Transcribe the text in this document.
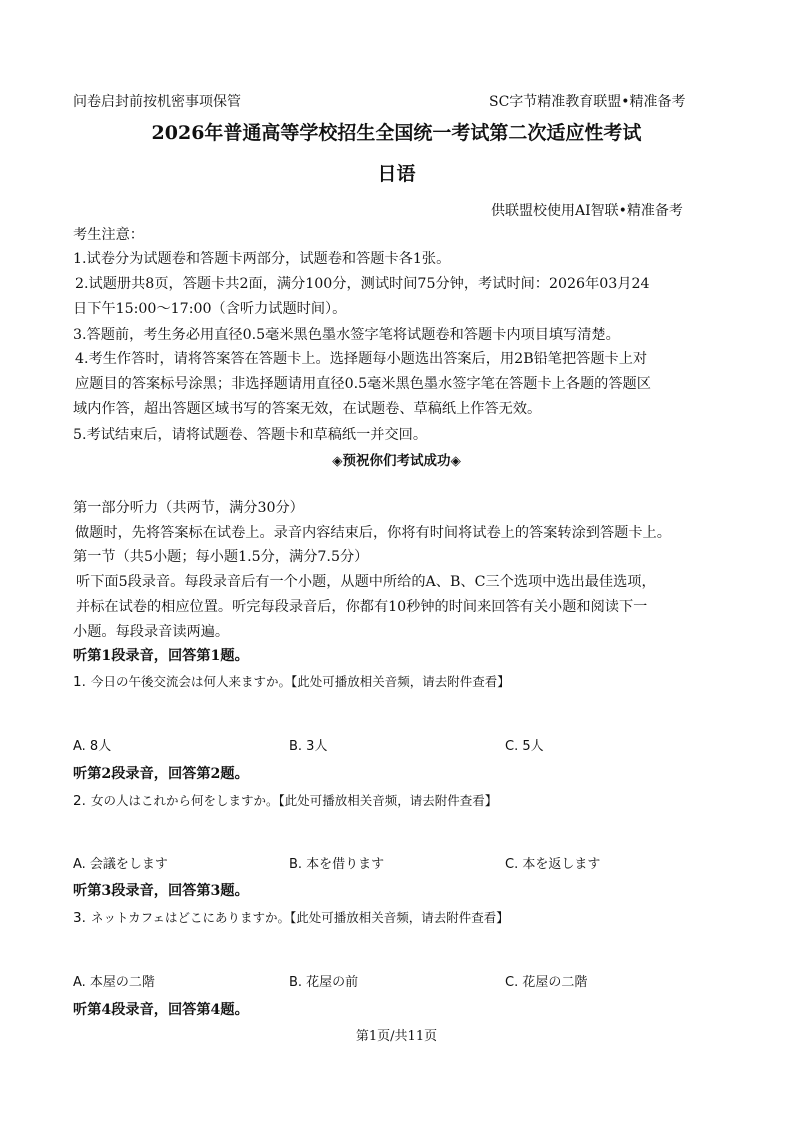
问卷启封前按机密事项保管	SC字节精准教育联盟•精准备考
2026年普通高等学校招生全国统一考试第二次适应性考试
日语
供联盟校使用AI智联•精准备考
考生注意：
1.试卷分为试题卷和答题卡两部分，试题卷和答题卡各1张。
2.试题册共8页，答题卡共2面，满分100分，测试时间75分钟，考试时间：2026年03月24
日下午15:00～17:00（含听力试题时间）。
3.答题前，考生务必用直径0.5毫米黑色墨水签字笔将试题卷和答题卡内项目填写清楚。
4.考生作答时，请将答案答在答题卡上。选择题每小题选出答案后，用2B铅笔把答题卡上对
应题目的答案标号涂黑；非选择题请用直径0.5毫米黑色墨水签字笔在答题卡上各题的答题区
域内作答，超出答题区域书写的答案无效，在试题卷、草稿纸上作答无效。
5.考试结束后，请将试题卷、答题卡和草稿纸一并交回。
◈预祝你们考试成功◈
第一部分听力（共两节，满分30分）
做题时，先将答案标在试卷上。录音内容结束后，你将有时间将试卷上的答案转涂到答题卡上。
第一节（共5小题；每小题1.5分，满分7.5分）
听下面5段录音。每段录音后有一个小题，从题中所给的A、B、C三个选项中选出最佳选项，
并标在试卷的相应位置。听完每段录音后，你都有10秒钟的时间来回答有关小题和阅读下一
小题。每段录音读两遍。
听第1段录音，回答第1题。
1. 今日の午後交流会は何人来ますか。【此处可播放相关音频，请去附件查看】
A. 8人	B. 3人	C. 5人
听第2段录音，回答第2题。
2. 女の人はこれから何をしますか。【此处可播放相关音频，请去附件查看】
A. 会議をします	B. 本を借ります	C. 本を返します
听第3段录音，回答第3题。
3. ネットカフェはどこにありますか。【此处可播放相关音频，请去附件查看】
A. 本屋の二階	B. 花屋の前	C. 花屋の二階
听第4段录音，回答第4题。
第1页/共11页
